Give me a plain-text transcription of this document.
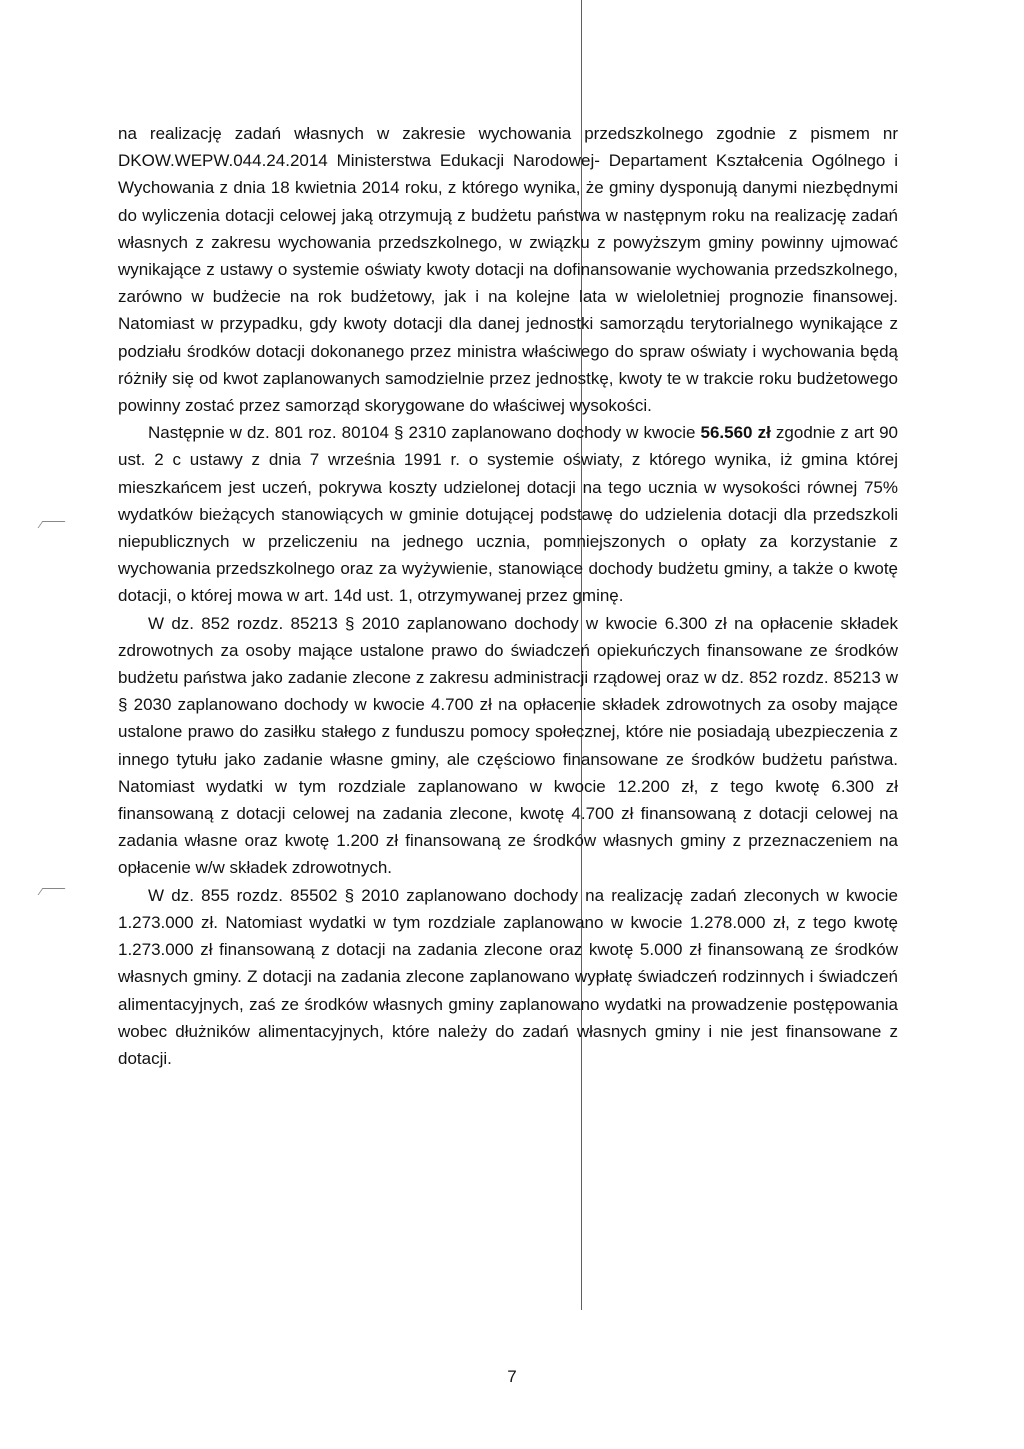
na realizację zadań własnych w zakresie wychowania przedszkolnego zgodnie z pismem nr DKOW.WEPW.044.24.2014 Ministerstwa Edukacji Narodowej- Departament Kształcenia Ogólnego i Wychowania z dnia 18 kwietnia 2014 roku, z którego wynika, że gminy dysponują danymi niezbędnymi do wyliczenia dotacji celowej jaką otrzymują z budżetu państwa w następnym roku na realizację zadań własnych z zakresu wychowania przedszkolnego, w związku z powyższym gminy powinny ujmować wynikające z ustawy o systemie oświaty kwoty dotacji na dofinansowanie wychowania przedszkolnego, zarówno w budżecie na rok budżetowy, jak i na kolejne lata w wieloletniej prognozie finansowej. Natomiast w przypadku, gdy kwoty dotacji dla danej jednostki samorządu terytorialnego wynikające z podziału środków dotacji dokonanego przez ministra właściwego do spraw oświaty i wychowania będą różniły się od kwot zaplanowanych samodzielnie przez jednostkę, kwoty te w trakcie roku budżetowego powinny zostać przez samorząd skorygowane do właściwej wysokości.

Następnie w dz. 801 roz. 80104 § 2310 zaplanowano dochody w kwocie 56.560 zł zgodnie z art 90 ust. 2 c ustawy z dnia 7 września 1991 r. o systemie oświaty, z którego wynika, iż gmina której mieszkańcem jest uczeń, pokrywa koszty udzielonej dotacji na tego ucznia w wysokości równej 75% wydatków bieżących stanowiących w gminie dotującej podstawę do udzielenia dotacji dla przedszkoli niepublicznych w przeliczeniu na jednego ucznia, pomniejszonych o opłaty za korzystanie z wychowania przedszkolnego oraz za wyżywienie, stanowiące dochody budżetu gminy, a także o kwotę dotacji, o której mowa w art. 14d ust. 1, otrzymywanej przez gminę.

W dz. 852 rozdz. 85213 § 2010 zaplanowano dochody w kwocie 6.300 zł na opłacenie składek zdrowotnych za osoby mające ustalone prawo do świadczeń opiekuńczych finansowane ze środków budżetu państwa jako zadanie zlecone z zakresu administracji rządowej oraz w dz. 852 rozdz. 85213 w § 2030 zaplanowano dochody w kwocie 4.700 zł na opłacenie składek zdrowotnych za osoby mające ustalone prawo do zasiłku stałego z funduszu pomocy społecznej, które nie posiadają ubezpieczenia z innego tytułu jako zadanie własne gminy, ale częściowo finansowane ze środków budżetu państwa. Natomiast wydatki w tym rozdziale zaplanowano w kwocie 12.200 zł, z tego kwotę 6.300 zł finansowaną z dotacji celowej na zadania zlecone, kwotę 4.700 zł finansowaną z dotacji celowej na zadania własne oraz kwotę 1.200 zł finansowaną ze środków własnych gminy z przeznaczeniem na opłacenie w/w składek zdrowotnych.

W dz. 855 rozdz. 85502 § 2010 zaplanowano dochody na realizację zadań zleconych w kwocie 1.273.000 zł. Natomiast wydatki w tym rozdziale zaplanowano w kwocie 1.278.000 zł, z tego kwotę 1.273.000 zł finansowaną z dotacji na zadania zlecone oraz kwotę 5.000 zł finansowaną ze środków własnych gminy. Z dotacji na zadania zlecone zaplanowano wypłatę świadczeń rodzinnych i świadczeń alimentacyjnych, zaś ze środków własnych gminy zaplanowano wydatki na prowadzenie postępowania wobec dłużników alimentacyjnych, które należy do zadań własnych gminy i nie jest finansowane z dotacji.

7
